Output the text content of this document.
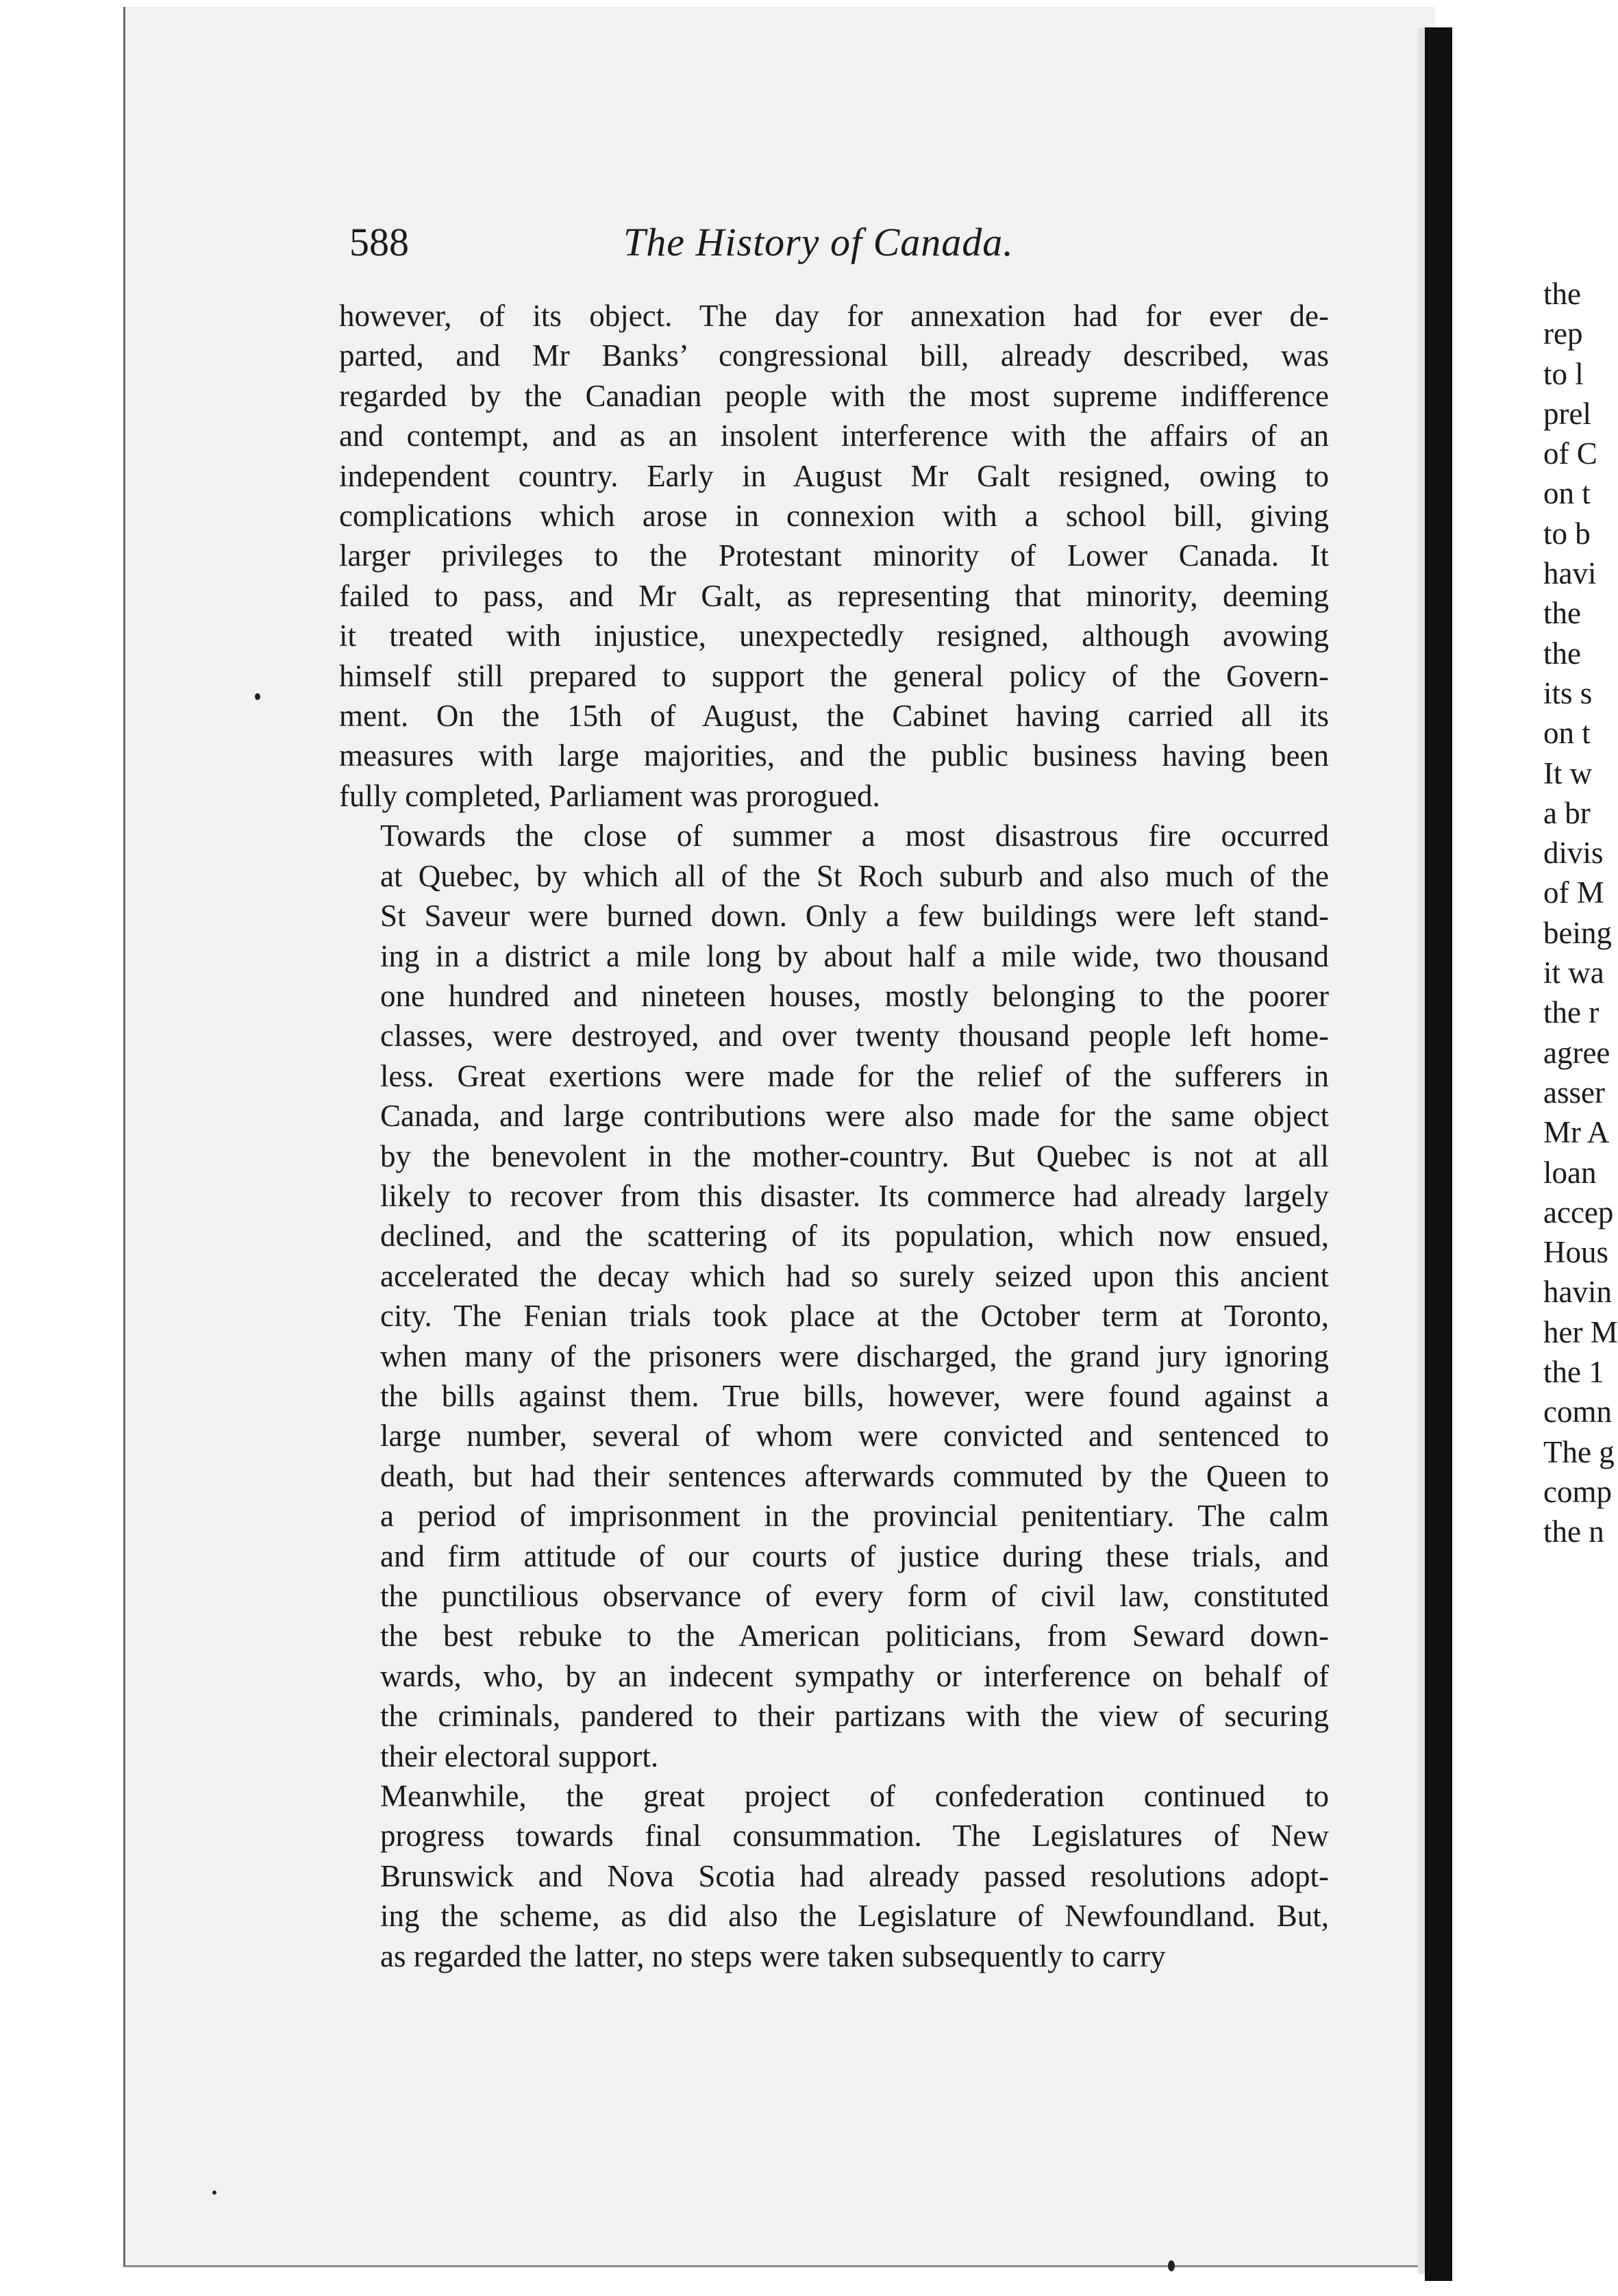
588	The History of Canada.

however, of its object. The day for annexation had for ever de-
parted, and Mr Banks’ congressional bill, already described, was
regarded by the Canadian people with the most supreme indifference
and contempt, and as an insolent interference with the affairs of an
independent country. Early in August Mr Galt resigned, owing to
complications which arose in connexion with a school bill, giving
larger privileges to the Protestant minority of Lower Canada. It
failed to pass, and Mr Galt, as representing that minority, deeming
it treated with injustice, unexpectedly resigned, although avowing
himself still prepared to support the general policy of the Govern-
ment. On the 15th of August, the Cabinet having carried all its
measures with large majorities, and the public business having been
fully completed, Parliament was prorogued.

Towards the close of summer a most disastrous fire occurred
at Quebec, by which all of the St Roch suburb and also much of the
St Saveur were burned down. Only a few buildings were left stand-
ing in a district a mile long by about half a mile wide, two thousand
one hundred and nineteen houses, mostly belonging to the poorer
classes, were destroyed, and over twenty thousand people left home-
less. Great exertions were made for the relief of the sufferers in
Canada, and large contributions were also made for the same object
by the benevolent in the mother-country. But Quebec is not at all
likely to recover from this disaster. Its commerce had already largely
declined, and the scattering of its population, which now ensued,
accelerated the decay which had so surely seized upon this ancient
city. The Fenian trials took place at the October term at Toronto,
when many of the prisoners were discharged, the grand jury ignoring
the bills against them. True bills, however, were found against a
large number, several of whom were convicted and sentenced to
death, but had their sentences afterwards commuted by the Queen to
a period of imprisonment in the provincial penitentiary. The calm
and firm attitude of our courts of justice during these trials, and
the punctilious observance of every form of civil law, constituted
the best rebuke to the American politicians, from Seward down-
wards, who, by an indecent sympathy or interference on behalf of
the criminals, pandered to their partizans with the view of securing
their electoral support.

Meanwhile, the great project of confederation continued to
progress towards final consummation. The Legislatures of New
Brunswick and Nova Scotia had already passed resolutions adopt-
ing the scheme, as did also the Legislature of Newfoundland. But,
as regarded the latter, no steps were taken subsequently to carry

the
rep
to l
prel
of C
on t
to b
havi
the
the
its s
on t
It w
a br
divis
of M
being
it wa
the r
agree
asser
Mr A
loan
accep
Hous
havin
her M
the 1
comn
The g
comp
the n
